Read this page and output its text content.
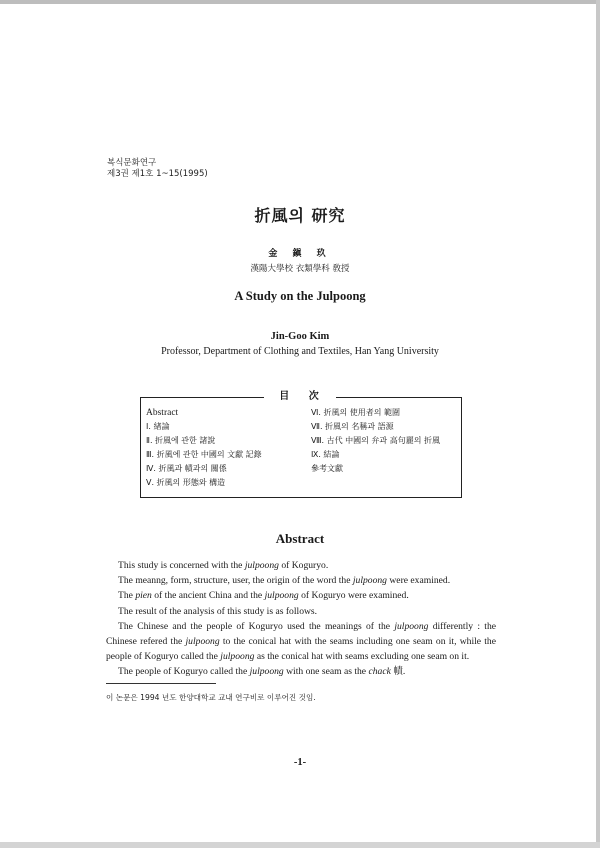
복식문화연구
제3권 제1호 1~15(1995)
折風의 研究
金 鎭 玖
漢陽大學校 衣類學科 敎授
A Study on the Julpoong
Jin-Goo Kim
Professor, Department of Clothing and Textiles, Han Yang University
目 次
Abstract
Ⅰ. 緖論
Ⅱ. 折風에 관한 諸說
Ⅲ. 折風에 관한 中國의 文獻 記錄
Ⅳ. 折風과 幘과의 關係
Ⅴ. 折風의 形態와 構造
Ⅵ. 折風의 使用者의 範圍
Ⅶ. 折風의 名稱과 語源
Ⅷ. 古代 中國의 弁과 高句麗의 折風
Ⅸ. 結論
參考文獻
Abstract

This study is concerned with the julpoong of Koguryo.

The meanng, form, structure, user, the origin of the word the julpoong were examined.

The pien of the ancient China and the julpoong of Koguryo were examined.

The result of the analysis of this study is as follows.

The Chinese and the people of Koguryo used the meanings of the julpoong differently : the Chinese refered the julpoong to the conical hat with the seams including one seam on it, while the people of Koguryo called the julpoong as the conical hat with seams excluding one seam on it.

The people of Koguryo called the julpoong with one seam as the chack 幘.

이 논문은 1994 년도 한양대학교 교내 연구비로 이루어진 것임.
-1-
